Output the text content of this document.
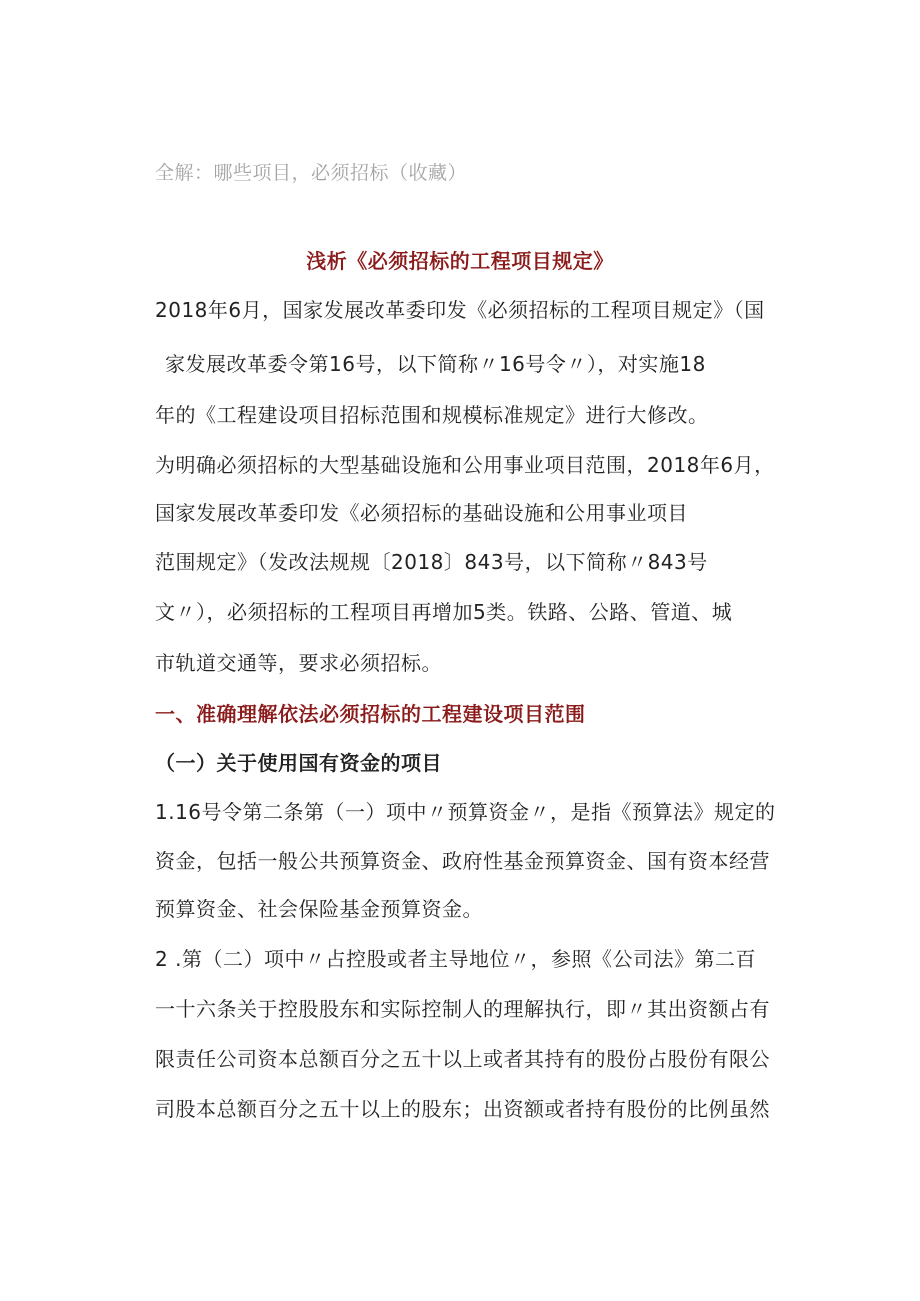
全解：哪些项目，必须招标（收藏）
浅析《必须招标的工程项目规定》
2018年6月，国家发展改革委印发《必须招标的工程项目规定》（国
家发展改革委令第16号，以下简称〃16号令〃），对实施18
年的《工程建设项目招标范围和规模标准规定》进行大修改。
为明确必须招标的大型基础设施和公用事业项目范围，2018年6月，
国家发展改革委印发《必须招标的基础设施和公用事业项目
范围规定》（发改法规规〔2018〕843号，以下简称〃843号
文〃），必须招标的工程项目再增加5类。铁路、公路、管道、城
市轨道交通等，要求必须招标。
一、准确理解依法必须招标的工程建设项目范围
（一）关于使用国有资金的项目
1.16号令第二条第（一）项中〃预算资金〃，是指《预算法》规定的
资金，包括一般公共预算资金、政府性基金预算资金、国有资本经营
预算资金、社会保险基金预算资金。
2 .第（二）项中〃占控股或者主导地位〃，参照《公司法》第二百
一十六条关于控股股东和实际控制人的理解执行，即〃其出资额占有
限责任公司资本总额百分之五十以上或者其持有的股份占股份有限公
司股本总额百分之五十以上的股东；出资额或者持有股份的比例虽然
